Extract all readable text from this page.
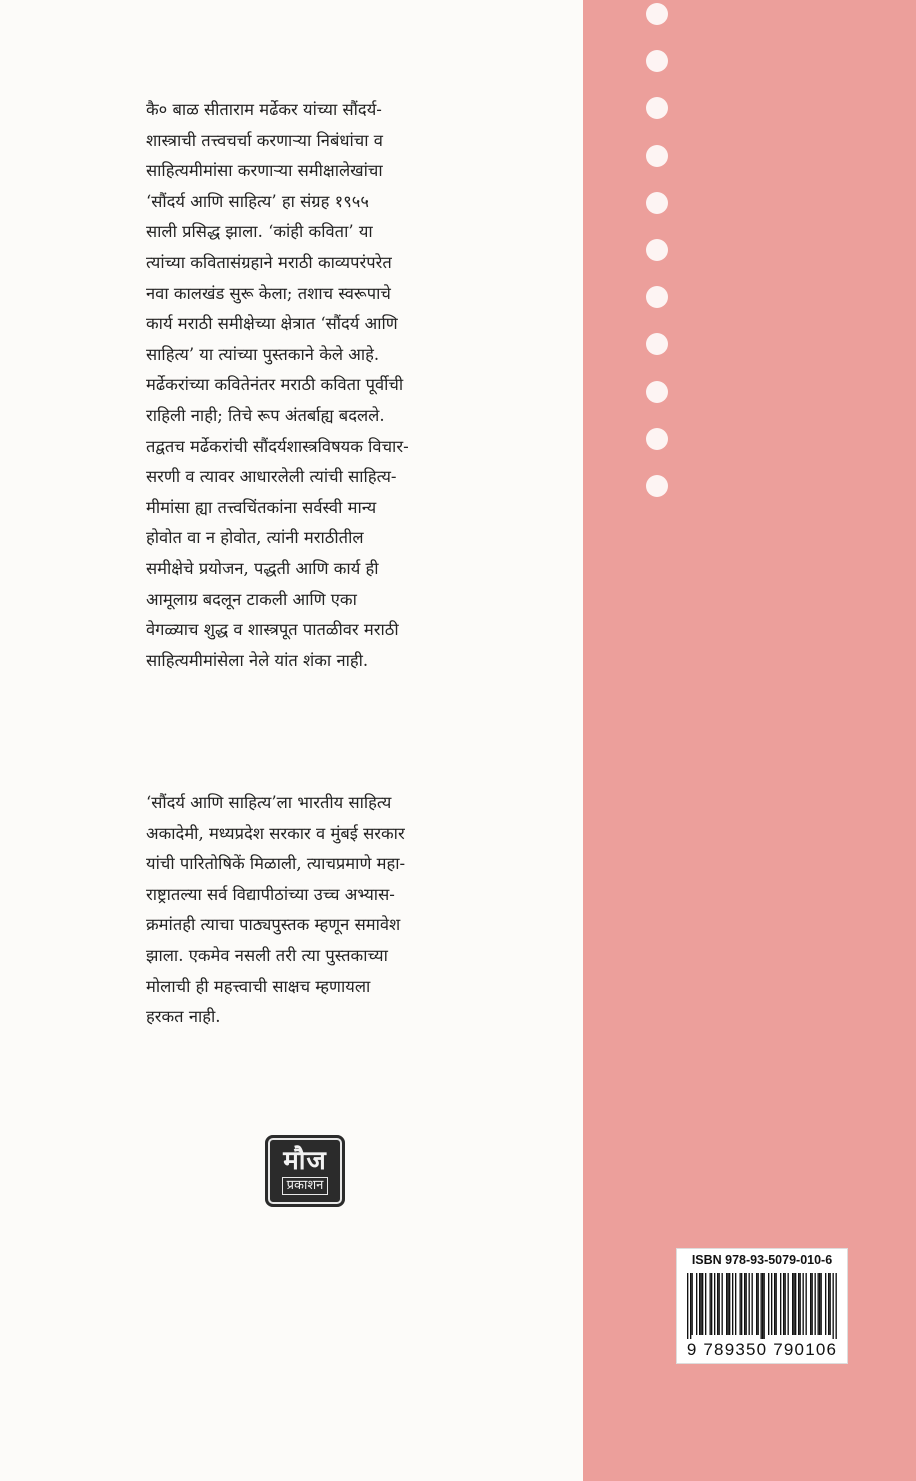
कै० बाळ सीताराम मर्ढेकर यांच्या सौंदर्य-

शास्त्राची तत्त्वचर्चा करणाऱ्या निबंधांचा व

साहित्यमीमांसा करणाऱ्या समीक्षालेखांचा

‘सौंदर्य आणि साहित्य’ हा संग्रह १९५५

साली प्रसिद्ध झाला. ‘कांही कविता’ या

त्यांच्या कवितासंग्रहाने मराठी काव्यपरंपरेत

नवा कालखंड सुरू केला; तशाच स्वरूपाचे

कार्य मराठी समीक्षेच्या क्षेत्रात ‘सौंदर्य आणि

साहित्य’ या त्यांच्या पुस्तकाने केले आहे.

मर्ढेकरांच्या कवितेनंतर मराठी कविता पूर्वीची

राहिली नाही; तिचे रूप अंतर्बाह्य बदलले.

तद्वतच मर्ढेकरांची सौंदर्यशास्त्रविषयक विचार-

सरणी व त्यावर आधारलेली त्यांची साहित्य-

मीमांसा ह्या तत्त्वचिंतकांना सर्वस्वी मान्य

होवोत वा न होवोत, त्यांनी मराठीतील

समीक्षेचे प्रयोजन, पद्धती आणि कार्य ही

आमूलाग्र बदलून टाकली आणि एका

वेगळ्याच शुद्ध व शास्त्रपूत पातळीवर मराठी

साहित्यमीमांसेला नेले यांत शंका नाही.

‘सौंदर्य आणि साहित्य’ला भारतीय साहित्य

अकादेमी, मध्यप्रदेश सरकार व मुंबई सरकार

यांची पारितोषिकें मिळाली, त्याचप्रमाणे महा-

राष्ट्रातल्या सर्व विद्यापीठांच्या उच्च अभ्यास-

क्रमांतही त्याचा पाठ्यपुस्तक म्हणून समावेश

झाला. एकमेव नसली तरी त्या पुस्तकाच्या

मोलाची ही महत्त्वाची साक्षच म्हणायला

हरकत नाही.

मौज
प्रकाशन
ISBN 978-93-5079-010-6
9 789350 790106
